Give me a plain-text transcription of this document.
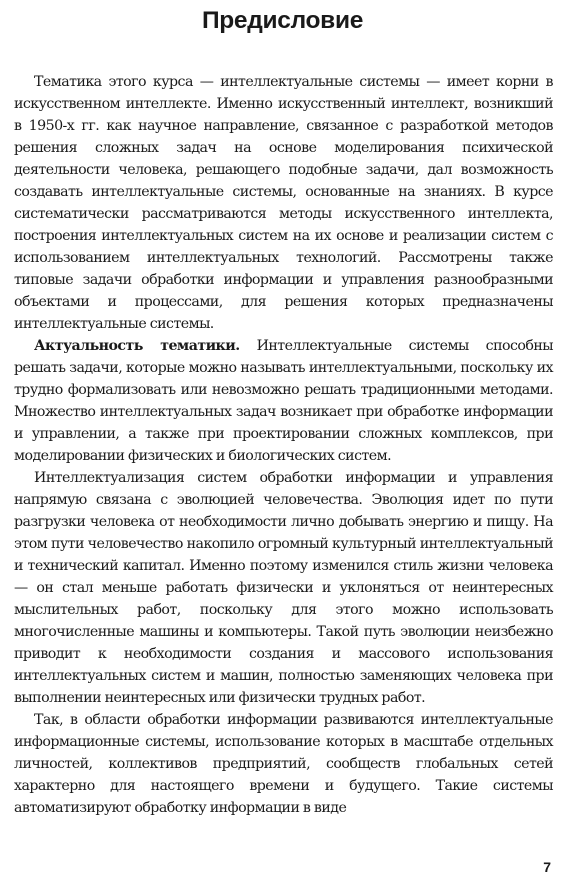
Предисловие

Тематика этого курса — интеллектуальные системы — имеет корни в искусственном интеллекте. Именно искусственный интеллект, возникший в 1950-х гг. как научное направление, связанное с разработкой методов решения сложных задач на основе моделирования психической деятельности человека, решающего подобные задачи, дал возможность создавать интеллектуальные системы, основанные на знаниях. В курсе систематически рассматриваются методы искусственного интеллекта, построения интеллектуальных систем на их основе и реализации систем с использованием интеллектуальных технологий. Рассмотрены также типовые задачи обработки информации и управления разнообразными объектами и процессами, для решения которых предназначены интеллектуальные системы.

Актуальность тематики. Интеллектуальные системы способны решать задачи, которые можно называть интеллектуальными, поскольку их трудно формализовать или невозможно решать традиционными методами. Множество интеллектуальных задач возникает при обработке информации и управлении, а также при проектировании сложных комплексов, при моделировании физических и биологических систем.

Интеллектуализация систем обработки информации и управления напрямую связана с эволюцией человечества. Эволюция идет по пути разгрузки человека от необходимости лично добывать энергию и пищу. На этом пути человечество накопило огромный культурный интеллектуальный и технический капитал. Именно поэтому изменился стиль жизни человека — он стал меньше работать физически и уклоняться от неинтересных мыслительных работ, поскольку для этого можно использовать многочисленные машины и компьютеры. Такой путь эволюции неизбежно приводит к необходимости создания и массового использования интеллектуальных систем и машин, полностью заменяющих человека при выполнении неинтересных или физически трудных работ.

Так, в области обработки информации развиваются интеллектуальные информационные системы, использование которых в масштабе отдельных личностей, коллективов предприятий, сообществ глобальных сетей характерно для настоящего времени и будущего. Такие системы автоматизируют обработку информации в виде

7
